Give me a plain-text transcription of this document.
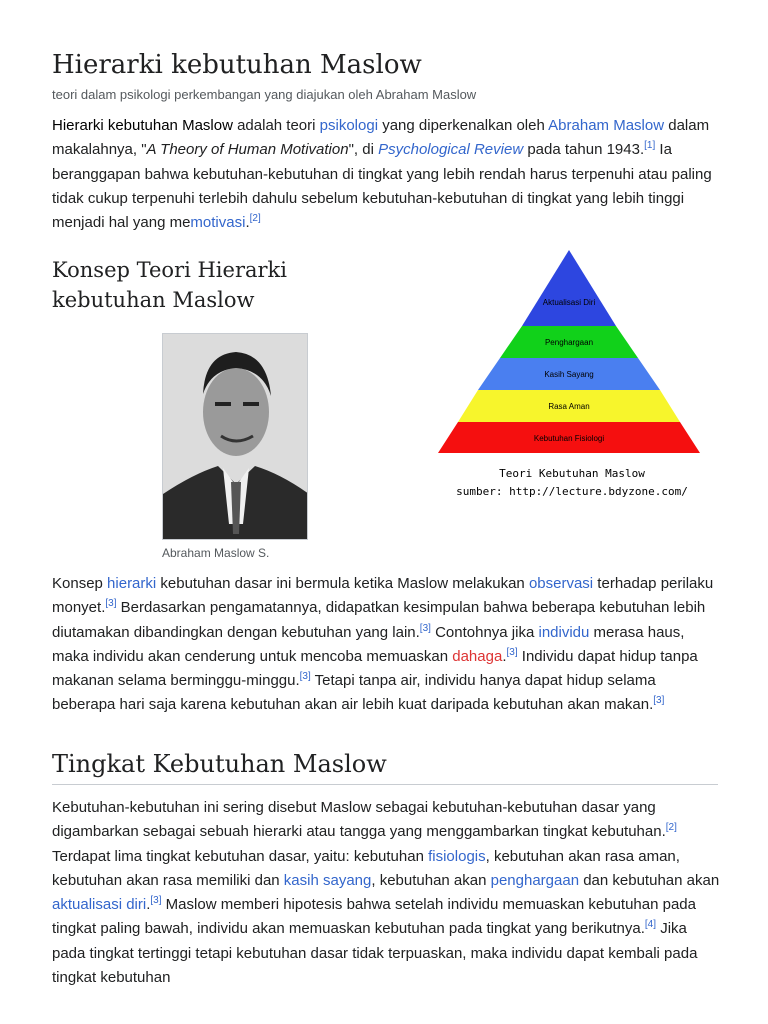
Hierarki kebutuhan Maslow
teori dalam psikologi perkembangan yang diajukan oleh Abraham Maslow

Hierarki kebutuhan Maslow adalah teori psikologi yang diperkenalkan oleh Abraham Maslow dalam makalahnya, "A Theory of Human Motivation", di Psychological Review pada tahun 1943.[1] Ia beranggapan bahwa kebutuhan-kebutuhan di tingkat yang lebih rendah harus terpenuhi atau paling tidak cukup terpenuhi terlebih dahulu sebelum kebutuhan-kebutuhan di tingkat yang lebih tinggi menjadi hal yang memotivasi.[2]

Konsep Teori Hierarki kebutuhan Maslow
Abraham Maslow S.
Aktualisasi Diri
Penghargaan
Kasih Sayang
Rasa Aman
Kebutuhan Fisiologi
Teori Kebutuhan Maslow
sumber: http://lecture.bdyzone.com/

Konsep hierarki kebutuhan dasar ini bermula ketika Maslow melakukan observasi terhadap perilaku monyet.[3] Berdasarkan pengamatannya, didapatkan kesimpulan bahwa beberapa kebutuhan lebih diutamakan dibandingkan dengan kebutuhan yang lain.[3] Contohnya jika individu merasa haus, maka individu akan cenderung untuk mencoba memuaskan dahaga.[3] Individu dapat hidup tanpa makanan selama berminggu-minggu.[3] Tetapi tanpa air, individu hanya dapat hidup selama beberapa hari saja karena kebutuhan akan air lebih kuat daripada kebutuhan akan makan.[3]

Tingkat Kebutuhan Maslow

Kebutuhan-kebutuhan ini sering disebut Maslow sebagai kebutuhan-kebutuhan dasar yang digambarkan sebagai sebuah hierarki atau tangga yang menggambarkan tingkat kebutuhan.[2] Terdapat lima tingkat kebutuhan dasar, yaitu: kebutuhan fisiologis, kebutuhan akan rasa aman, kebutuhan akan rasa memiliki dan kasih sayang, kebutuhan akan penghargaan dan kebutuhan akan aktualisasi diri.[3] Maslow memberi hipotesis bahwa setelah individu memuaskan kebutuhan pada tingkat paling bawah, individu akan memuaskan kebutuhan pada tingkat yang berikutnya.[4] Jika pada tingkat tertinggi tetapi kebutuhan dasar tidak terpuaskan, maka individu dapat kembali pada tingkat kebutuhan
